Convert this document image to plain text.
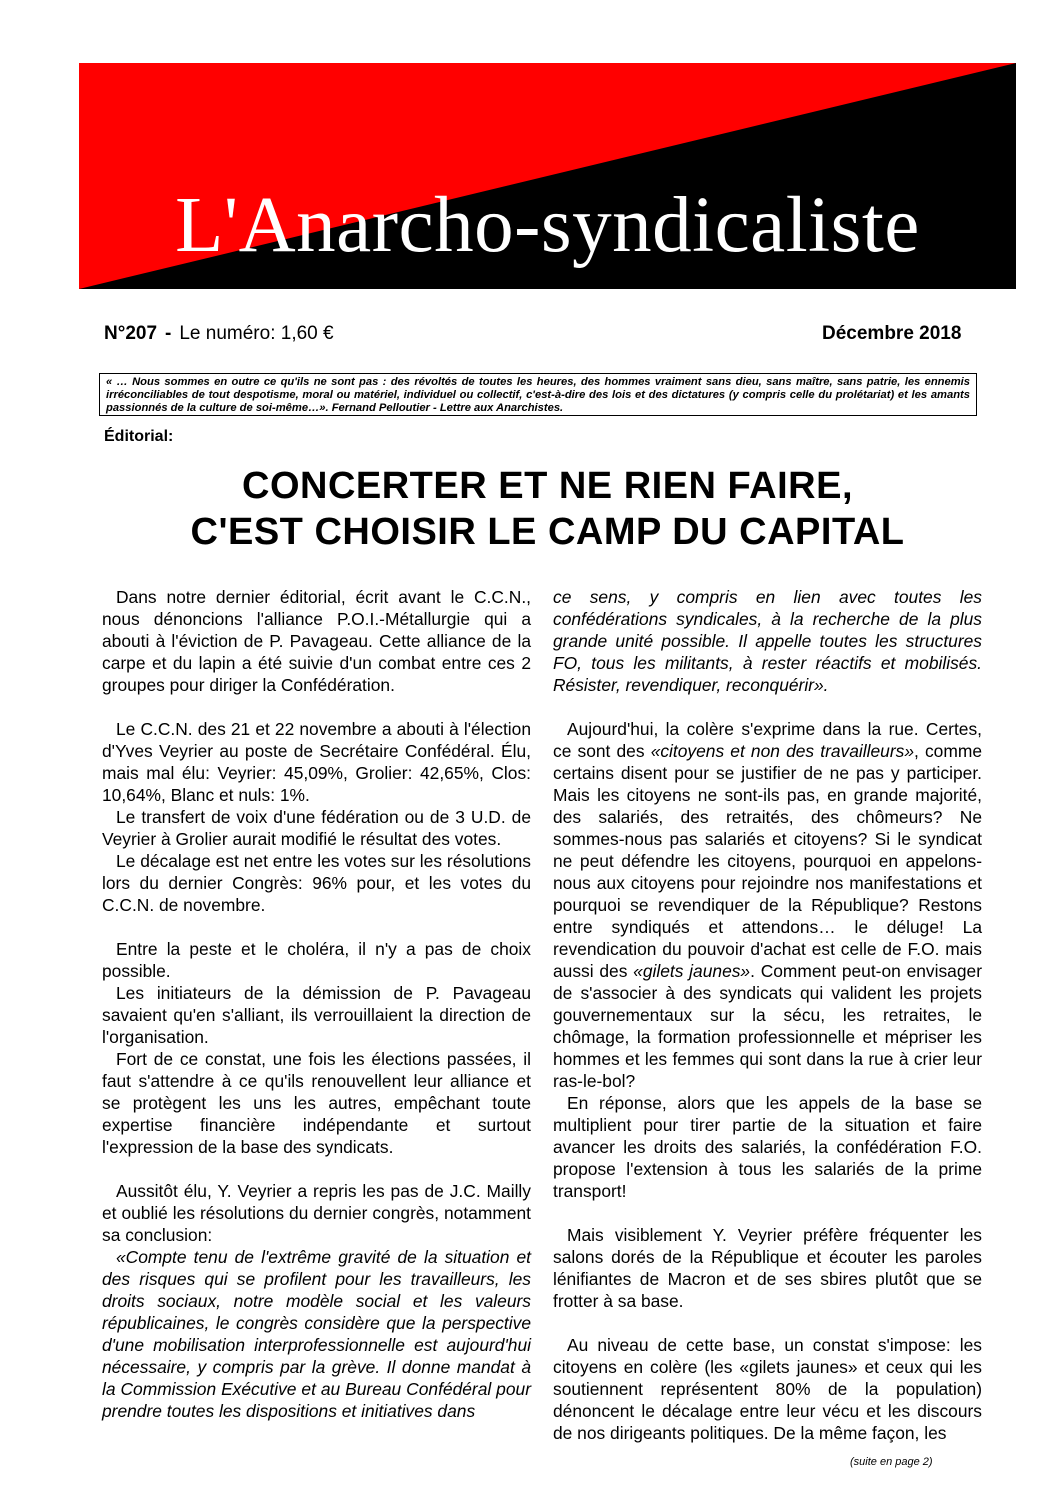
L'Anarcho-syndicaliste
N°207 - Le numéro: 1,60 €	Décembre 2018
« … Nous sommes en outre ce qu'ils ne sont pas : des révoltés de toutes les heures, des hommes vraiment sans dieu, sans maître, sans patrie, les ennemis irréconciliables de tout despotisme, moral ou matériel, individuel ou collectif, c'est-à-dire des lois et des dictatures (y compris celle du prolétariat) et les amants passionnés de la culture de soi-même…». Fernand Pelloutier - Lettre aux Anarchistes.
Éditorial:
CONCERTER ET NE RIEN FAIRE,
C'EST CHOISIR LE CAMP DU CAPITAL

Dans notre dernier éditorial, écrit avant le C.C.N., nous dénoncions l'alliance P.O.I.-Métallurgie qui a abouti à l'éviction de P. Pavageau. Cette alliance de la carpe et du lapin a été suivie d'un combat entre ces 2 groupes pour diriger la Confédération.

Le C.C.N. des 21 et 22 novembre a abouti à l'élection d'Yves Veyrier au poste de Secrétaire Confédéral. Élu, mais mal élu: Veyrier: 45,09%, Grolier: 42,65%, Clos: 10,64%, Blanc et nuls: 1%.

Le transfert de voix d'une fédération ou de 3 U.D. de Veyrier à Grolier aurait modifié le résultat des votes.

Le décalage est net entre les votes sur les résolutions lors du dernier Congrès: 96% pour, et les votes du C.C.N. de novembre.

Entre la peste et le choléra, il n'y a pas de choix possible.

Les initiateurs de la démission de P. Pavageau savaient qu'en s'alliant, ils verrouillaient la direction de l'organisation.

Fort de ce constat, une fois les élections passées, il faut s'attendre à ce qu'ils renouvellent leur alliance et se protègent les uns les autres, empêchant toute expertise financière indépendante et surtout l'expression de la base des syndicats.

Aussitôt élu, Y. Veyrier a repris les pas de J.C. Mailly et oublié les résolutions du dernier congrès, notamment sa conclusion:

«Compte tenu de l'extrême gravité de la situation et des risques qui se profilent pour les travailleurs, les droits sociaux, notre modèle social et les valeurs républicaines, le congrès considère que la perspective d'une mobilisation interprofessionnelle est aujourd'hui nécessaire, y compris par la grève. Il donne mandat à la Commission Exécutive et au Bureau Confédéral pour prendre toutes les dispositions et initiatives dans

ce sens, y compris en lien avec toutes les confédérations syndicales, à la recherche de la plus grande unité possible. Il appelle toutes les structures FO, tous les militants, à rester réactifs et mobilisés. Résister, revendiquer, reconquérir».

Aujourd'hui, la colère s'exprime dans la rue. Certes, ce sont des «citoyens et non des travailleurs», comme certains disent pour se justifier de ne pas y participer. Mais les citoyens ne sont-ils pas, en grande majorité, des salariés, des retraités, des chômeurs? Ne sommes-nous pas salariés et citoyens? Si le syndicat ne peut défendre les citoyens, pourquoi en appelons-nous aux citoyens pour rejoindre nos manifestations et pourquoi se revendiquer de la République? Restons entre syndiqués et attendons… le déluge! La revendication du pouvoir d'achat est celle de F.O. mais aussi des «gilets jaunes». Comment peut-on envisager de s'associer à des syndicats qui valident les projets gouvernementaux sur la sécu, les retraites, le chômage, la formation professionnelle et mépriser les hommes et les femmes qui sont dans la rue à crier leur ras-le-bol?

En réponse, alors que les appels de la base se multiplient pour tirer partie de la situation et faire avancer les droits des salariés, la confédération F.O. propose l'extension à tous les salariés de la prime transport!

Mais visiblement Y. Veyrier préfère fréquenter les salons dorés de la République et écouter les paroles lénifiantes de Macron et de ses sbires plutôt que se frotter à sa base.

Au niveau de cette base, un constat s'impose: les citoyens en colère (les «gilets jaunes» et ceux qui les soutiennent représentent 80% de la population) dénoncent le décalage entre leur vécu et les discours de nos dirigeants politiques. De la même façon, les

(suite en page 2)
